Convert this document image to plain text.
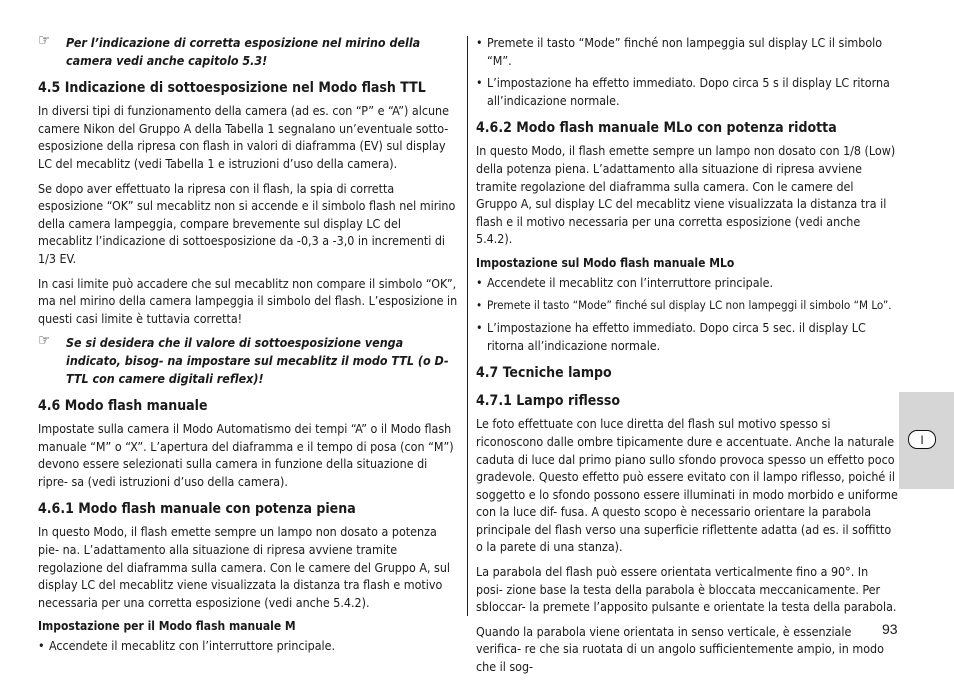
☞ Per l’indicazione di corretta esposizione nel mirino della camera vedi anche capitolo 5.3!
4.5 Indicazione di sottoesposizione nel Modo flash TTL

In diversi tipi di funzionamento della camera (ad es. con “P” e “A”) alcune camere Nikon del Gruppo A della Tabella 1 segnalano un’eventuale sotto- esposizione della ripresa con flash in valori di diaframma (EV) sul display LC del mecablitz (vedi Tabella 1 e istruzioni d’uso della camera).

Se dopo aver effettuato la ripresa con il flash, la spia di corretta esposizione “OK” sul mecablitz non si accende e il simbolo flash nel mirino della camera lampeggia, compare brevemente sul display LC del mecablitz l’indicazione di sottoesposizione da -0,3 a -3,0 in incrementi di 1/3 EV.

In casi limite può accadere che sul mecablitz non compare il simbolo “OK”, ma nel mirino della camera lampeggia il simbolo del flash. L’esposizione in questi casi limite è tuttavia corretta!

☞ Se si desidera che il valore di sottoesposizione venga indicato, bisog- na impostare sul mecablitz il modo TTL (o D-TTL con camere digitali reflex)!
4.6 Modo flash manuale

Impostate sulla camera il Modo Automatismo dei tempi “A” o il Modo flash manuale “M” o “X”. L’apertura del diaframma e il tempo di posa (con “M”) devono essere selezionati sulla camera in funzione della situazione di ripre- sa (vedi istruzioni d’uso della camera).

4.6.1 Modo flash manuale con potenza piena

In questo Modo, il flash emette sempre un lampo non dosato a potenza pie- na. L’adattamento alla situazione di ripresa avviene tramite regolazione del diaframma sulla camera. Con le camere del Gruppo A, sul display LC del mecablitz viene visualizzata la distanza tra flash e motivo necessaria per una corretta esposizione (vedi anche 5.4.2).

Impostazione per il Modo flash manuale M
• Accendete il mecablitz con l’interruttore principale.
• Premete il tasto “Mode” finché non lampeggia sul display LC il simbolo “M”.
• L’impostazione ha effetto immediato. Dopo circa 5 s il display LC ritorna all’indicazione normale.
4.6.2 Modo flash manuale MLo con potenza ridotta

In questo Modo, il flash emette sempre un lampo non dosato con 1/8 (Low) della potenza piena. L’adattamento alla situazione di ripresa avviene tramite regolazione del diaframma sulla camera. Con le camere del Gruppo A, sul display LC del mecablitz viene visualizzata la distanza tra il flash e il motivo necessaria per una corretta esposizione (vedi anche 5.4.2).

Impostazione sul Modo flash manuale MLo
• Accendete il mecablitz con l’interruttore principale.
• Premete il tasto “Mode” finché sul display LC non lampeggi il simbolo “M Lo”.
• L’impostazione ha effetto immediato. Dopo circa 5 sec. il display LC ritorna all’indicazione normale.
4.7 Tecniche lampo
4.7.1 Lampo riflesso

Le foto effettuate con luce diretta del flash sul motivo spesso si riconoscono dalle ombre tipicamente dure e accentuate. Anche la naturale caduta di luce dal primo piano sullo sfondo provoca spesso un effetto poco gradevole. Questo effetto può essere evitato con il lampo riflesso, poiché il soggetto e lo sfondo possono essere illuminati in modo morbido e uniforme con la luce dif- fusa. A questo scopo è necessario orientare la parabola principale del flash verso una superficie riflettente adatta (ad es. il soffitto o la parete di una stanza).

La parabola del flash può essere orientata verticalmente fino a 90°. In posi- zione base la testa della parabola è bloccata meccanicamente. Per sbloccar- la premete l’apposito pulsante e orientate la testa della parabola.

Quando la parabola viene orientata in senso verticale, è essenziale verifica- re che sia ruotata di un angolo sufficientemente ampio, in modo che il sog-

I
93
